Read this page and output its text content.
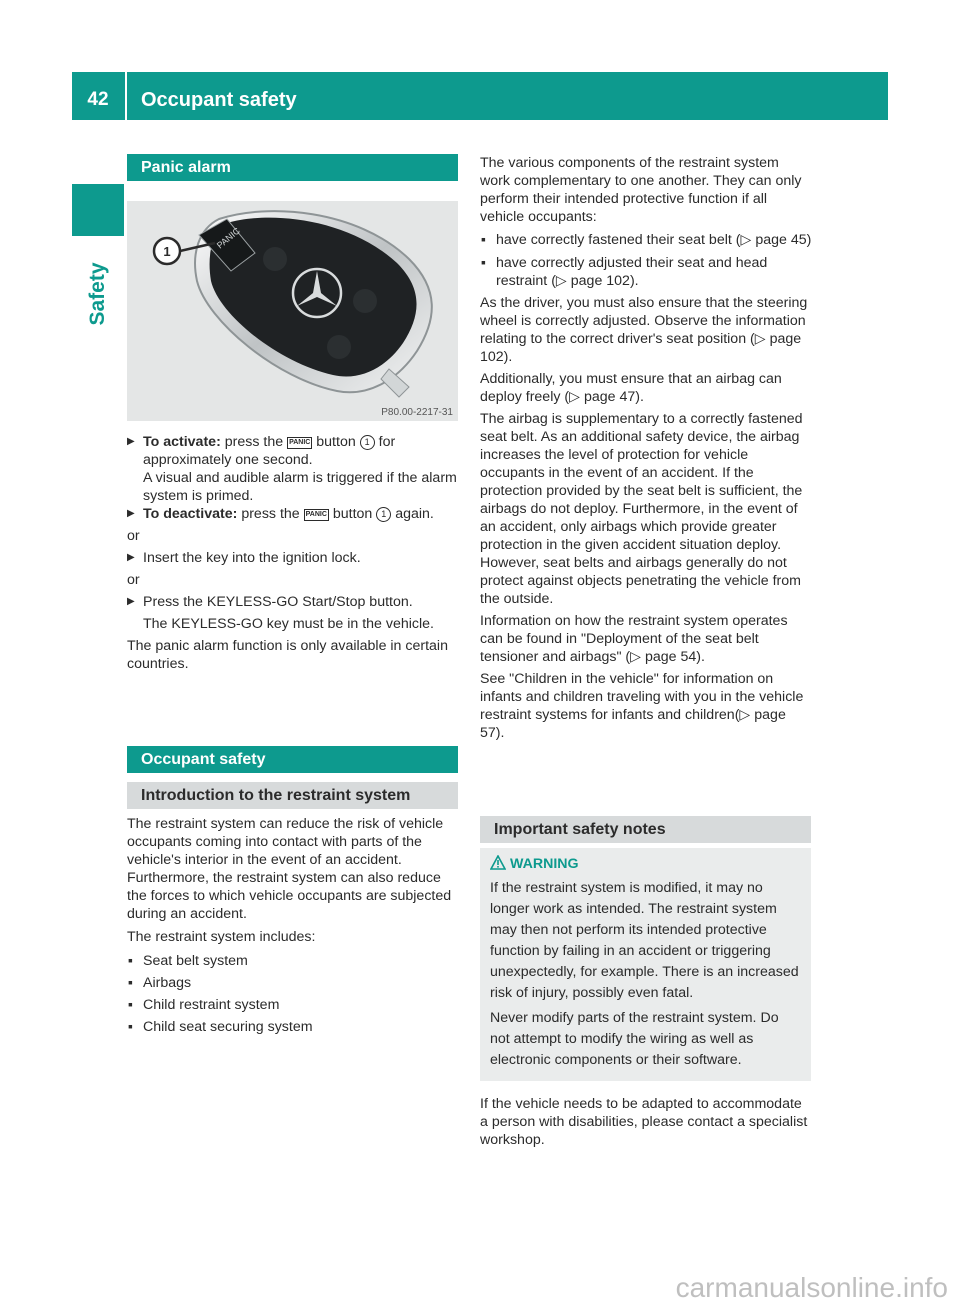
42	Occupant safety
Safety
Panic alarm
PANIC
1
P80.00-2217-31

▶ To activate: press the PANIC button 1 for approximately one second.

A visual and audible alarm is triggered if the alarm system is primed.

▶ To deactivate: press the PANIC button 1 again.

or

▶ Insert the key into the ignition lock.

or

▶ Press the KEYLESS-GO Start/Stop button.

The KEYLESS-GO key must be in the vehicle.

The panic alarm function is only available in certain countries.

Occupant safety
Introduction to the restraint system

The restraint system can reduce the risk of vehicle occupants coming into contact with parts of the vehicle's interior in the event of an accident. Furthermore, the restraint system can also reduce the forces to which vehicle occupants are subjected during an accident.

The restraint system includes:

▪ Seat belt system

▪ Airbags

▪ Child restraint system

▪ Child seat securing system

The various components of the restraint system work complementary to one another. They can only perform their intended protective function if all vehicle occupants:

▪ have correctly fastened their seat belt (▷ page 45)

▪ have correctly adjusted their seat and head restraint (▷ page 102).

As the driver, you must also ensure that the steering wheel is correctly adjusted. Observe the information relating to the correct driver's seat position (▷ page 102).

Additionally, you must ensure that an airbag can deploy freely (▷ page 47).

The airbag is supplementary to a correctly fastened seat belt. As an additional safety device, the airbag increases the level of protection for vehicle occupants in the event of an accident. If the protection provided by the seat belt is sufficient, the airbags do not deploy. Furthermore, in the event of an accident, only airbags which provide greater protection in the given accident situation deploy. However, seat belts and airbags generally do not protect against objects penetrating the vehicle from the outside.

Information on how the restraint system operates can be found in "Deployment of the seat belt tensioner and airbags" (▷ page 54).

See "Children in the vehicle" for information on infants and children traveling with you in the vehicle restraint systems for infants and children(▷ page 57).

Important safety notes

WARNING

If the restraint system is modified, it may no longer work as intended. The restraint system may then not perform its intended protective function by failing in an accident or triggering unexpectedly, for example. There is an increased risk of injury, possibly even fatal.

Never modify parts of the restraint system. Do not attempt to modify the wiring as well as electronic components or their software.

If the vehicle needs to be adapted to accommodate a person with disabilities, please contact a specialist workshop.

carmanualsonline.info
